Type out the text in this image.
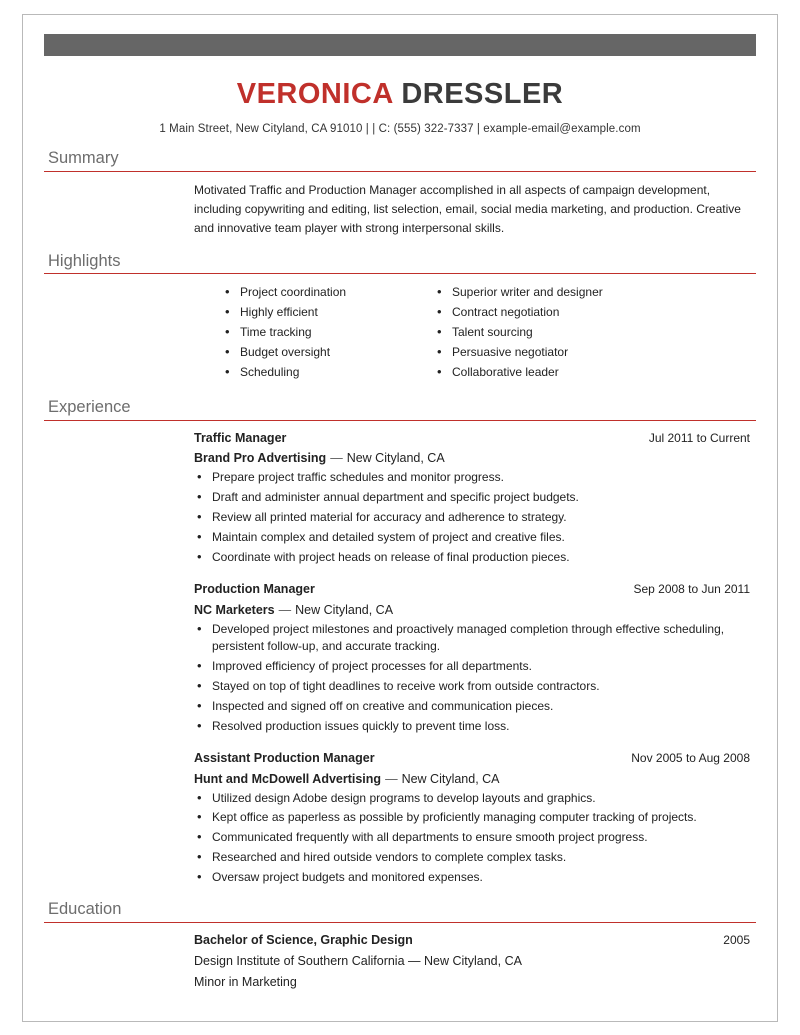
VERONICA DRESSLER
1 Main Street, New Cityland, CA 91010 | | C: (555) 322-7337 | example-email@example.com
Summary
Motivated Traffic and Production Manager accomplished in all aspects of campaign development, including copywriting and editing, list selection, email, social media marketing, and production. Creative and innovative team player with strong interpersonal skills.
Highlights
• Project coordination
• Highly efficient
• Time tracking
• Budget oversight
• Scheduling
• Superior writer and designer
• Contract negotiation
• Talent sourcing
• Persuasive negotiator
• Collaborative leader
Experience
Traffic Manager	Jul 2011 to Current
Brand Pro Advertising — New Cityland, CA
• Prepare project traffic schedules and monitor progress.
• Draft and administer annual department and specific project budgets.
• Review all printed material for accuracy and adherence to strategy.
• Maintain complex and detailed system of project and creative files.
• Coordinate with project heads on release of final production pieces.
Production Manager	Sep 2008 to Jun 2011
NC Marketers — New Cityland, CA
• Developed project milestones and proactively managed completion through effective scheduling, persistent follow-up, and accurate tracking.
• Improved efficiency of project processes for all departments.
• Stayed on top of tight deadlines to receive work from outside contractors.
• Inspected and signed off on creative and communication pieces.
• Resolved production issues quickly to prevent time loss.
Assistant Production Manager	Nov 2005 to Aug 2008
Hunt and McDowell Advertising — New Cityland, CA
• Utilized design Adobe design programs to develop layouts and graphics.
• Kept office as paperless as possible by proficiently managing computer tracking of projects.
• Communicated frequently with all departments to ensure smooth project progress.
• Researched and hired outside vendors to complete complex tasks.
• Oversaw project budgets and monitored expenses.
Education
Bachelor of Science, Graphic Design	2005
Design Institute of Southern California — New Cityland, CA
Minor in Marketing
